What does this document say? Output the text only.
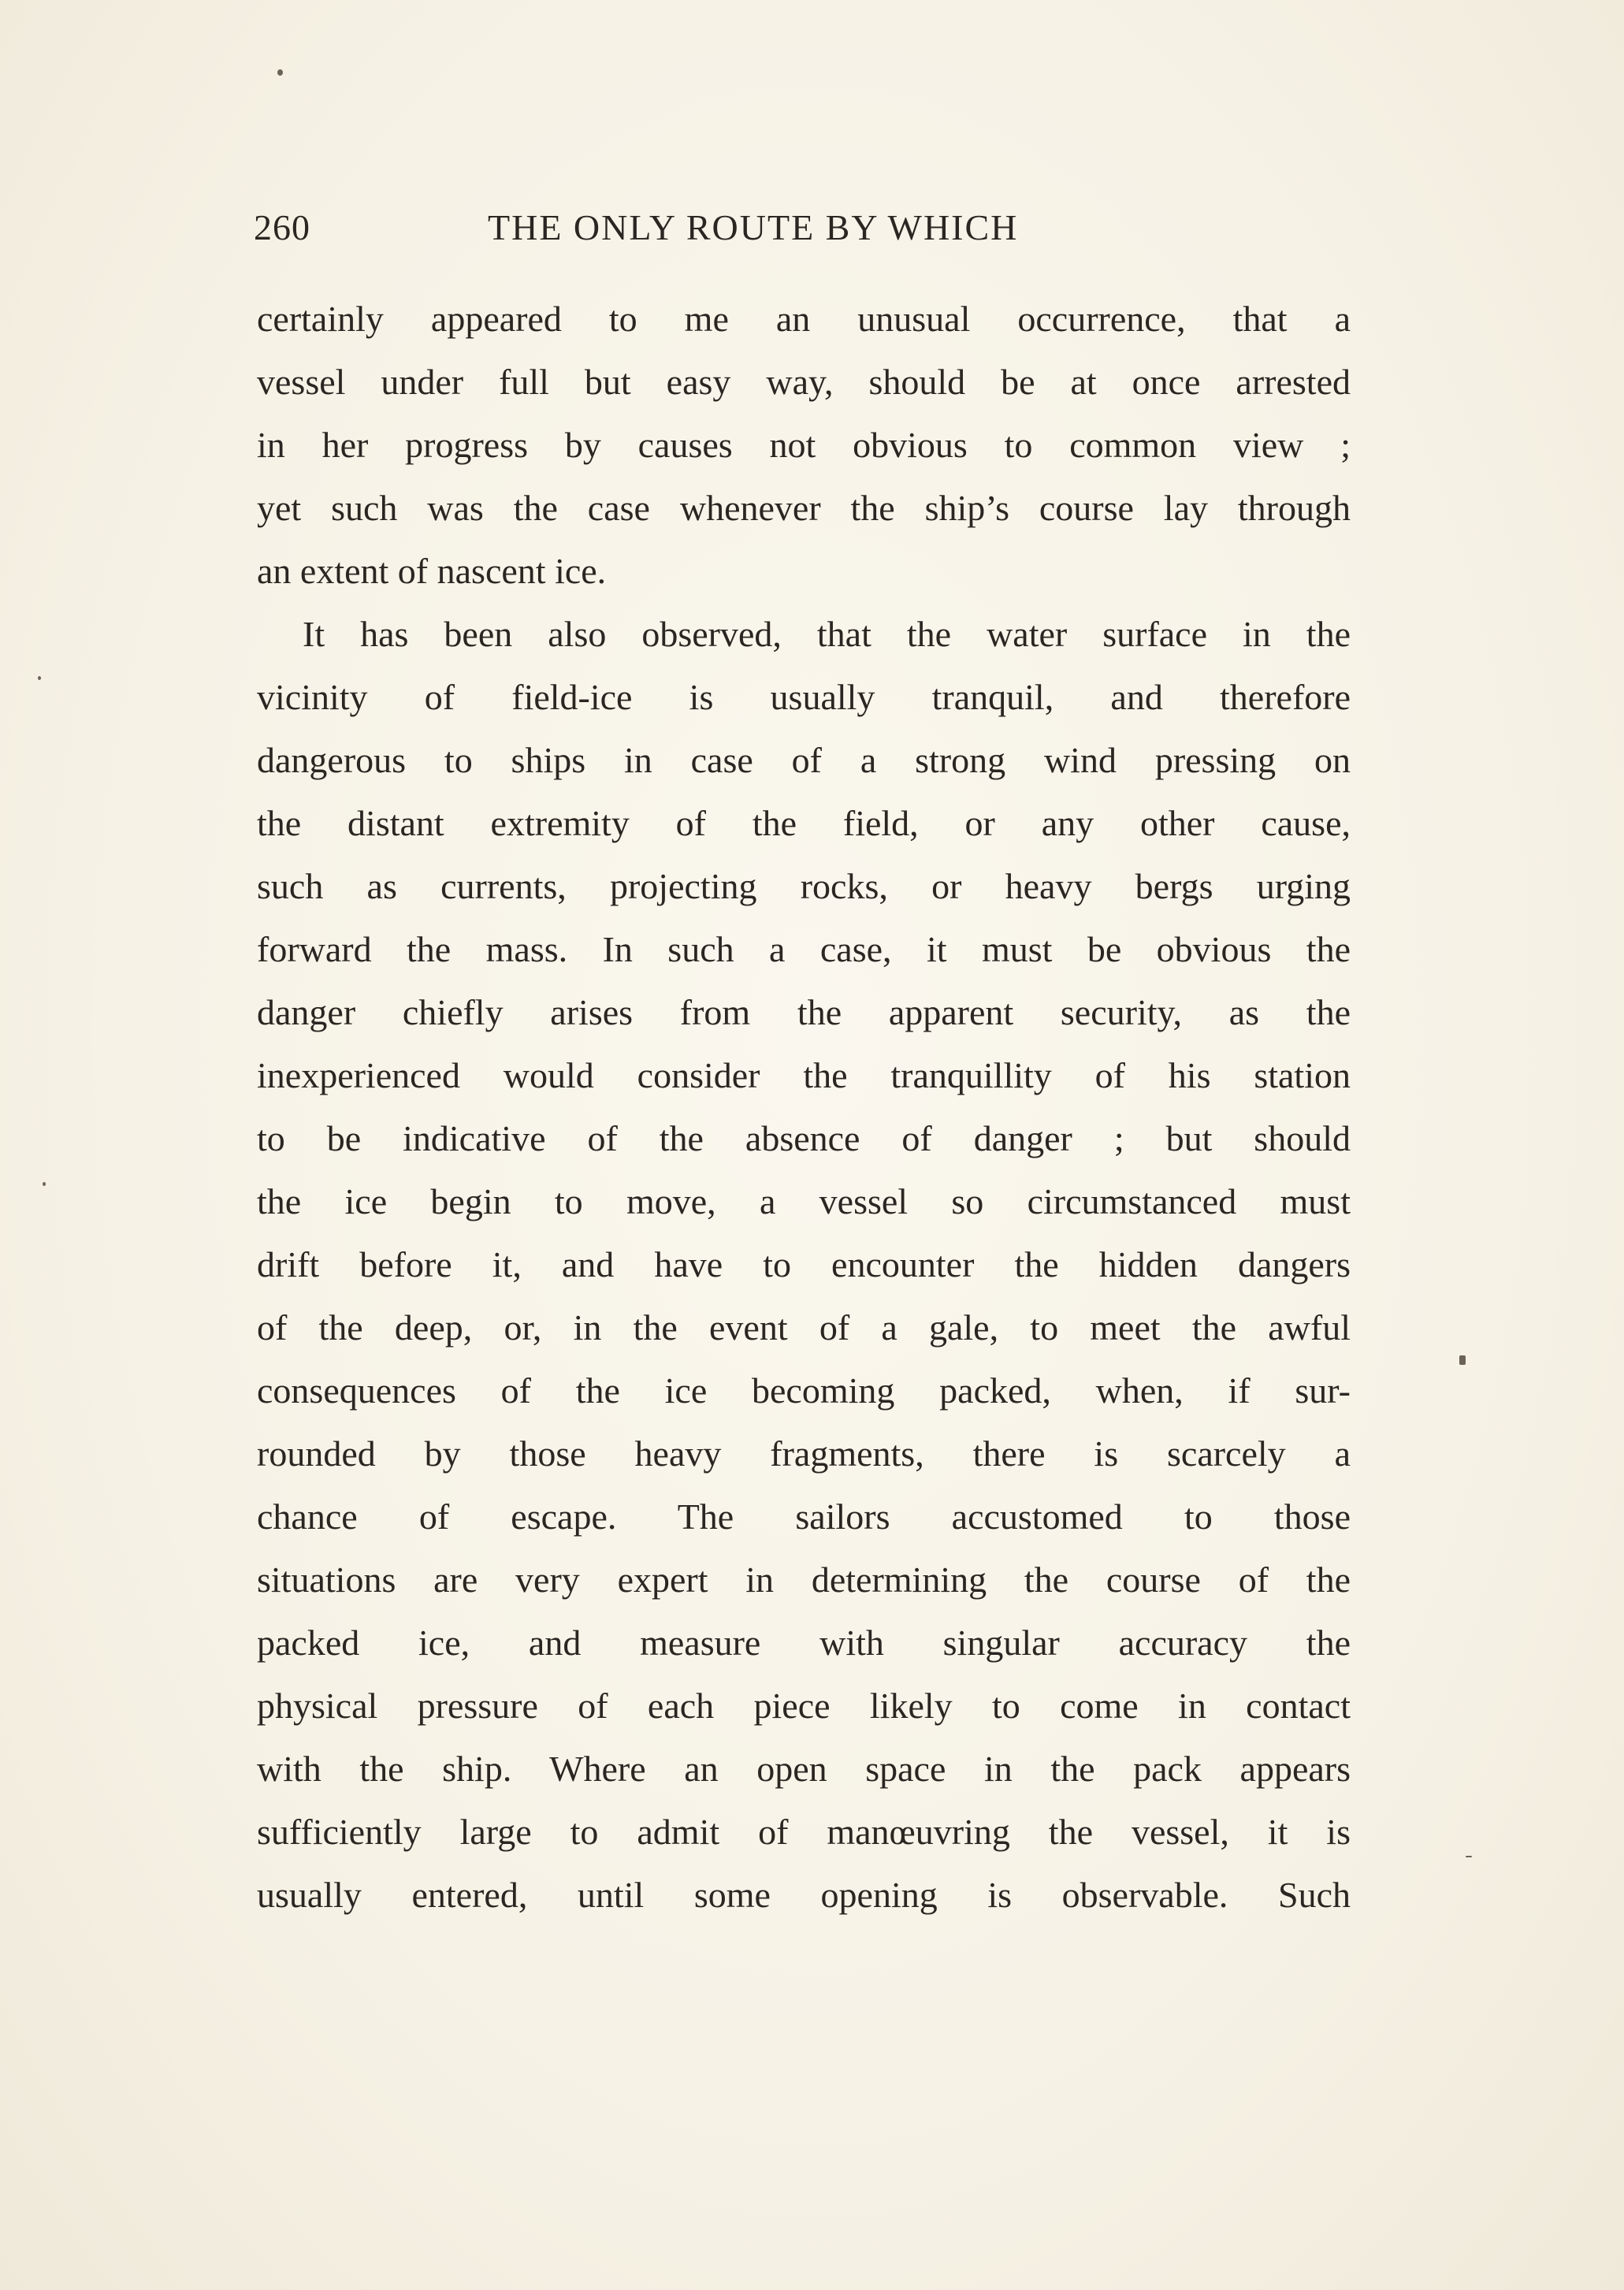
260	THE ONLY ROUTE BY WHICH
certainly appeared to me an unusual occurrence, that a
vessel under full but easy way, should be at once arrested
in her progress by causes not obvious to common view ;
yet such was the case whenever the ship’s course lay through
an extent of nascent ice.
It has been also observed, that the water surface in the
vicinity of field-ice is usually tranquil, and therefore
dangerous to ships in case of a strong wind pressing on
the distant extremity of the field, or any other cause,
such as currents, projecting rocks, or heavy bergs urging
forward the mass. In such a case, it must be obvious the
danger chiefly arises from the apparent security, as the
inexperienced would consider the tranquillity of his station
to be indicative of the absence of danger ; but should
the ice begin to move, a vessel so circumstanced must
drift before it, and have to encounter the hidden dangers
of the deep, or, in the event of a gale, to meet the awful
consequences of the ice becoming packed, when, if sur-
rounded by those heavy fragments, there is scarcely a
chance of escape. The sailors accustomed to those
situations are very expert in determining the course of the
packed ice, and measure with singular accuracy the
physical pressure of each piece likely to come in contact
with the ship. Where an open space in the pack appears
sufficiently large to admit of manœuvring the vessel, it is
usually entered, until some opening is observable. Such
